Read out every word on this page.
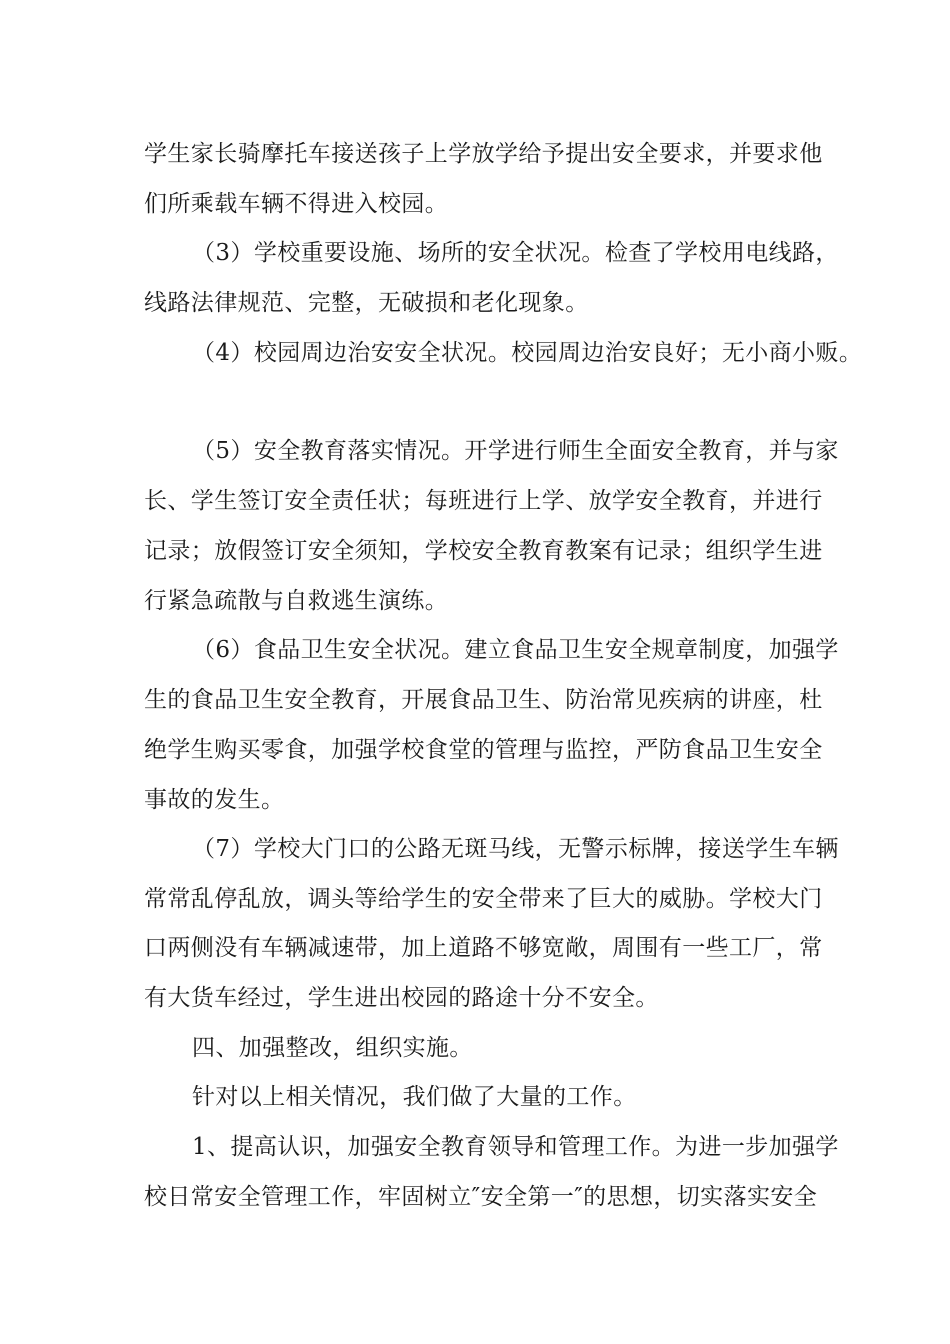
学生家长骑摩托车接送孩子上学放学给予提出安全要求，并要求他
们所乘载车辆不得进入校园。
（3）学校重要设施、场所的安全状况。检查了学校用电线路，
线路法律规范、完整，无破损和老化现象。
（4）校园周边治安安全状况。校园周边治安良好；无小商小贩。
（5）安全教育落实情况。开学进行师生全面安全教育，并与家
长、学生签订安全责任状；每班进行上学、放学安全教育，并进行
记录；放假签订安全须知，学校安全教育教案有记录；组织学生进
行紧急疏散与自救逃生演练。
（6）食品卫生安全状况。建立食品卫生安全规章制度，加强学
生的食品卫生安全教育，开展食品卫生、防治常见疾病的讲座，杜
绝学生购买零食，加强学校食堂的管理与监控，严防食品卫生安全
事故的发生。
（7）学校大门口的公路无斑马线，无警示标牌，接送学生车辆
常常乱停乱放，调头等给学生的安全带来了巨大的威胁。学校大门
口两侧没有车辆减速带，加上道路不够宽敞，周围有一些工厂，常
有大货车经过，学生进出校园的路途十分不安全。
四、加强整改，组织实施。
针对以上相关情况，我们做了大量的工作。
1、提高认识，加强安全教育领导和管理工作。为进一步加强学
校日常安全管理工作，牢固树立″安全第一″的思想，切实落实安全
